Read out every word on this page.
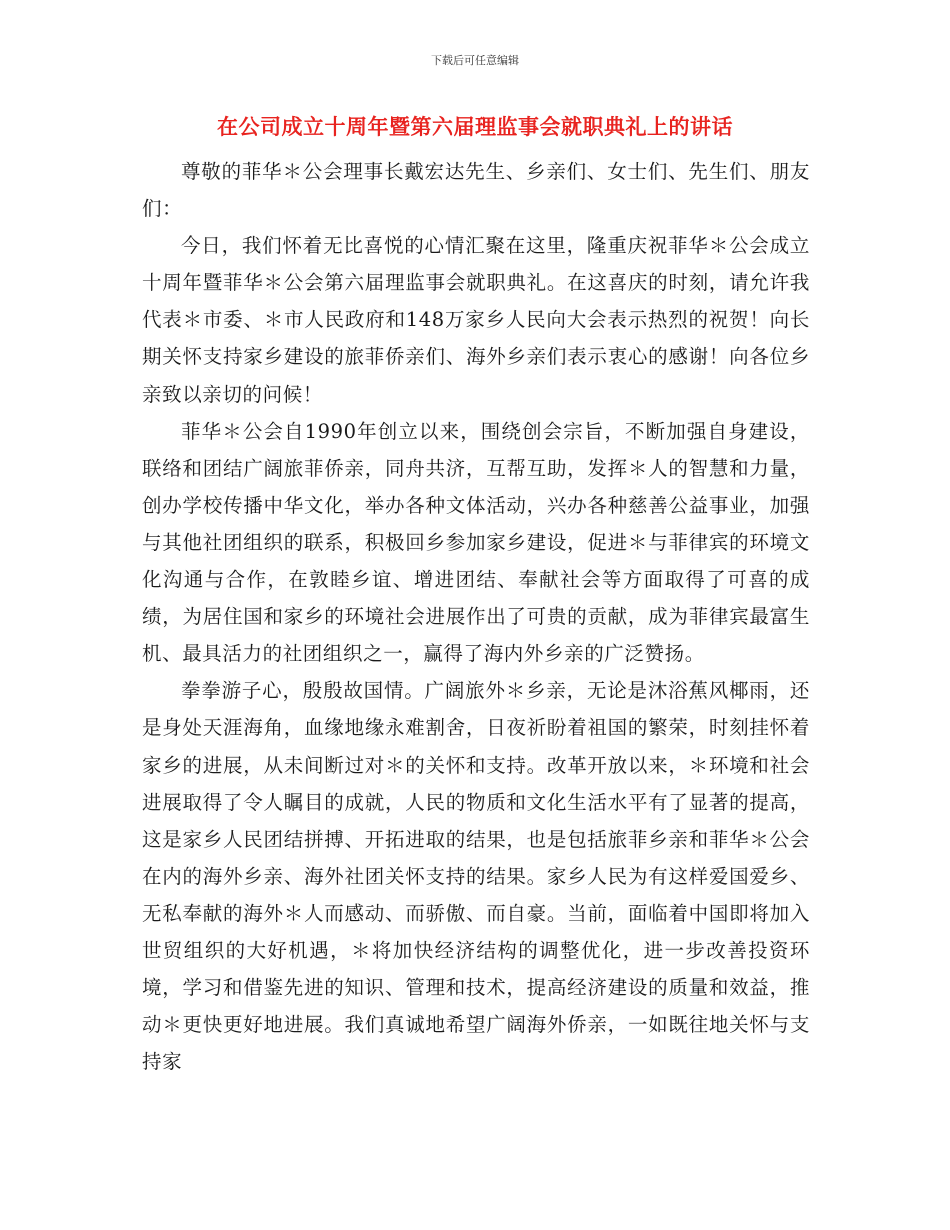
下载后可任意编辑
在公司成立十周年暨第六届理监事会就职典礼上的讲话

尊敬的菲华＊公会理事长戴宏达先生、乡亲们、女士们、先生们、朋友们：

今日，我们怀着无比喜悦的心情汇聚在这里，隆重庆祝菲华＊公会成立十周年暨菲华＊公会第六届理监事会就职典礼。在这喜庆的时刻，请允许我代表＊市委、＊市人民政府和148万家乡人民向大会表示热烈的祝贺！向长期关怀支持家乡建设的旅菲侨亲们、海外乡亲们表示衷心的感谢！向各位乡亲致以亲切的问候！

菲华＊公会自1990年创立以来，围绕创会宗旨，不断加强自身建设，联络和团结广阔旅菲侨亲，同舟共济，互帮互助，发挥＊人的智慧和力量，创办学校传播中华文化，举办各种文体活动，兴办各种慈善公益事业，加强与其他社团组织的联系，积极回乡参加家乡建设，促进＊与菲律宾的环境文化沟通与合作，在敦睦乡谊、增进团结、奉献社会等方面取得了可喜的成绩，为居住国和家乡的环境社会进展作出了可贵的贡献，成为菲律宾最富生机、最具活力的社团组织之一，赢得了海内外乡亲的广泛赞扬。

拳拳游子心，殷殷故国情。广阔旅外＊乡亲，无论是沐浴蕉风椰雨，还是身处天涯海角，血缘地缘永难割舍，日夜祈盼着祖国的繁荣，时刻挂怀着家乡的进展，从未间断过对＊的关怀和支持。改革开放以来，＊环境和社会进展取得了令人瞩目的成就，人民的物质和文化生活水平有了显著的提高，这是家乡人民团结拼搏、开拓进取的结果，也是包括旅菲乡亲和菲华＊公会在内的海外乡亲、海外社团关怀支持的结果。家乡人民为有这样爱国爱乡、无私奉献的海外＊人而感动、而骄傲、而自豪。当前，面临着中国即将加入世贸组织的大好机遇，＊将加快经济结构的调整优化，进一步改善投资环境，学习和借鉴先进的知识、管理和技术，提高经济建设的质量和效益，推动＊更快更好地进展。我们真诚地希望广阔海外侨亲，一如既往地关怀与支持家
